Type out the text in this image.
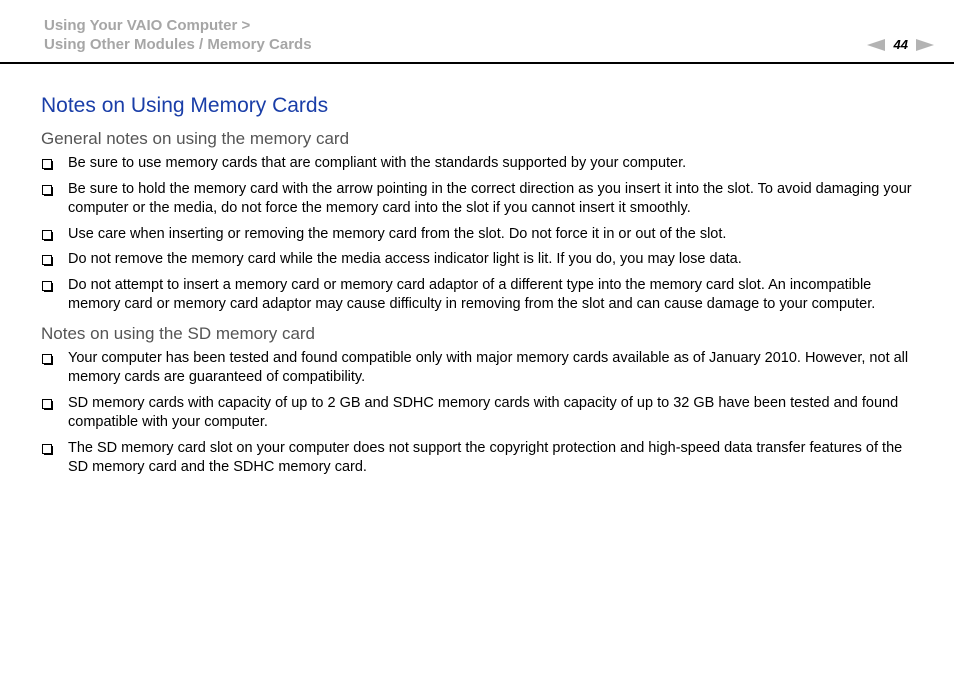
Using Your VAIO Computer >
Using Other Modules / Memory Cards	44
Notes on Using Memory Cards
General notes on using the memory card
Be sure to use memory cards that are compliant with the standards supported by your computer.
Be sure to hold the memory card with the arrow pointing in the correct direction as you insert it into the slot. To avoid damaging your computer or the media, do not force the memory card into the slot if you cannot insert it smoothly.
Use care when inserting or removing the memory card from the slot. Do not force it in or out of the slot.
Do not remove the memory card while the media access indicator light is lit. If you do, you may lose data.
Do not attempt to insert a memory card or memory card adaptor of a different type into the memory card slot. An incompatible memory card or memory card adaptor may cause difficulty in removing from the slot and can cause damage to your computer.
Notes on using the SD memory card
Your computer has been tested and found compatible only with major memory cards available as of January 2010. However, not all memory cards are guaranteed of compatibility.
SD memory cards with capacity of up to 2 GB and SDHC memory cards with capacity of up to 32 GB have been tested and found compatible with your computer.
The SD memory card slot on your computer does not support the copyright protection and high-speed data transfer features of the SD memory card and the SDHC memory card.
